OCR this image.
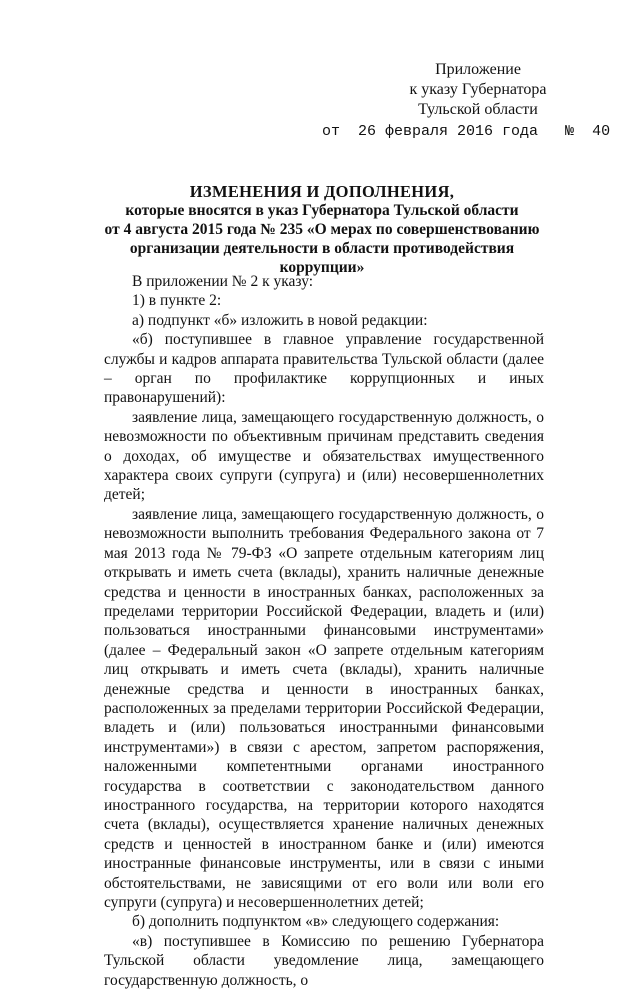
Приложение
к указу Губернатора
Тульской области
от 26 февраля 2016 года № 40
ИЗМЕНЕНИЯ И ДОПОЛНЕНИЯ,
которые вносятся в указ Губернатора Тульской области
от 4 августа 2015 года № 235 «О мерах по совершенствованию
организации деятельности в области противодействия коррупции»

В приложении № 2 к указу:

1) в пункте 2:

а) подпункт «б» изложить в новой редакции:

«б) поступившее в главное управление государственной службы и кадров аппарата правительства Тульской области (далее – орган по профилактике коррупционных и иных правонарушений):

заявление лица, замещающего государственную должность, о невозможности по объективным причинам представить сведения о доходах, об имуществе и обязательствах имущественного характера своих супруги (супруга) и (или) несовершеннолетних детей;

заявление лица, замещающего государственную должность, о невозможности выполнить требования Федерального закона от 7 мая 2013 года № 79-ФЗ «О запрете отдельным категориям лиц открывать и иметь счета (вклады), хранить наличные денежные средства и ценности в иностранных банках, расположенных за пределами территории Российской Федерации, владеть и (или) пользоваться иностранными финансовыми инструментами» (далее – Федеральный закон «О запрете отдельным категориям лиц открывать и иметь счета (вклады), хранить наличные денежные средства и ценности в иностранных банках, расположенных за пределами территории Российской Федерации, владеть и (или) пользоваться иностранными финансовыми инструментами») в связи с арестом, запретом распоряжения, наложенными компетентными органами иностранного государства в соответствии с законодательством данного иностранного государства, на территории которого находятся счета (вклады), осуществляется хранение наличных денежных средств и ценностей в иностранном банке и (или) имеются иностранные финансовые инструменты, или в связи с иными обстоятельствами, не зависящими от его воли или воли его супруги (супруга) и несовершеннолетних детей;

б) дополнить подпунктом «в» следующего содержания:

«в) поступившее в Комиссию по решению Губернатора Тульской области уведомление лица, замещающего государственную должность, о
